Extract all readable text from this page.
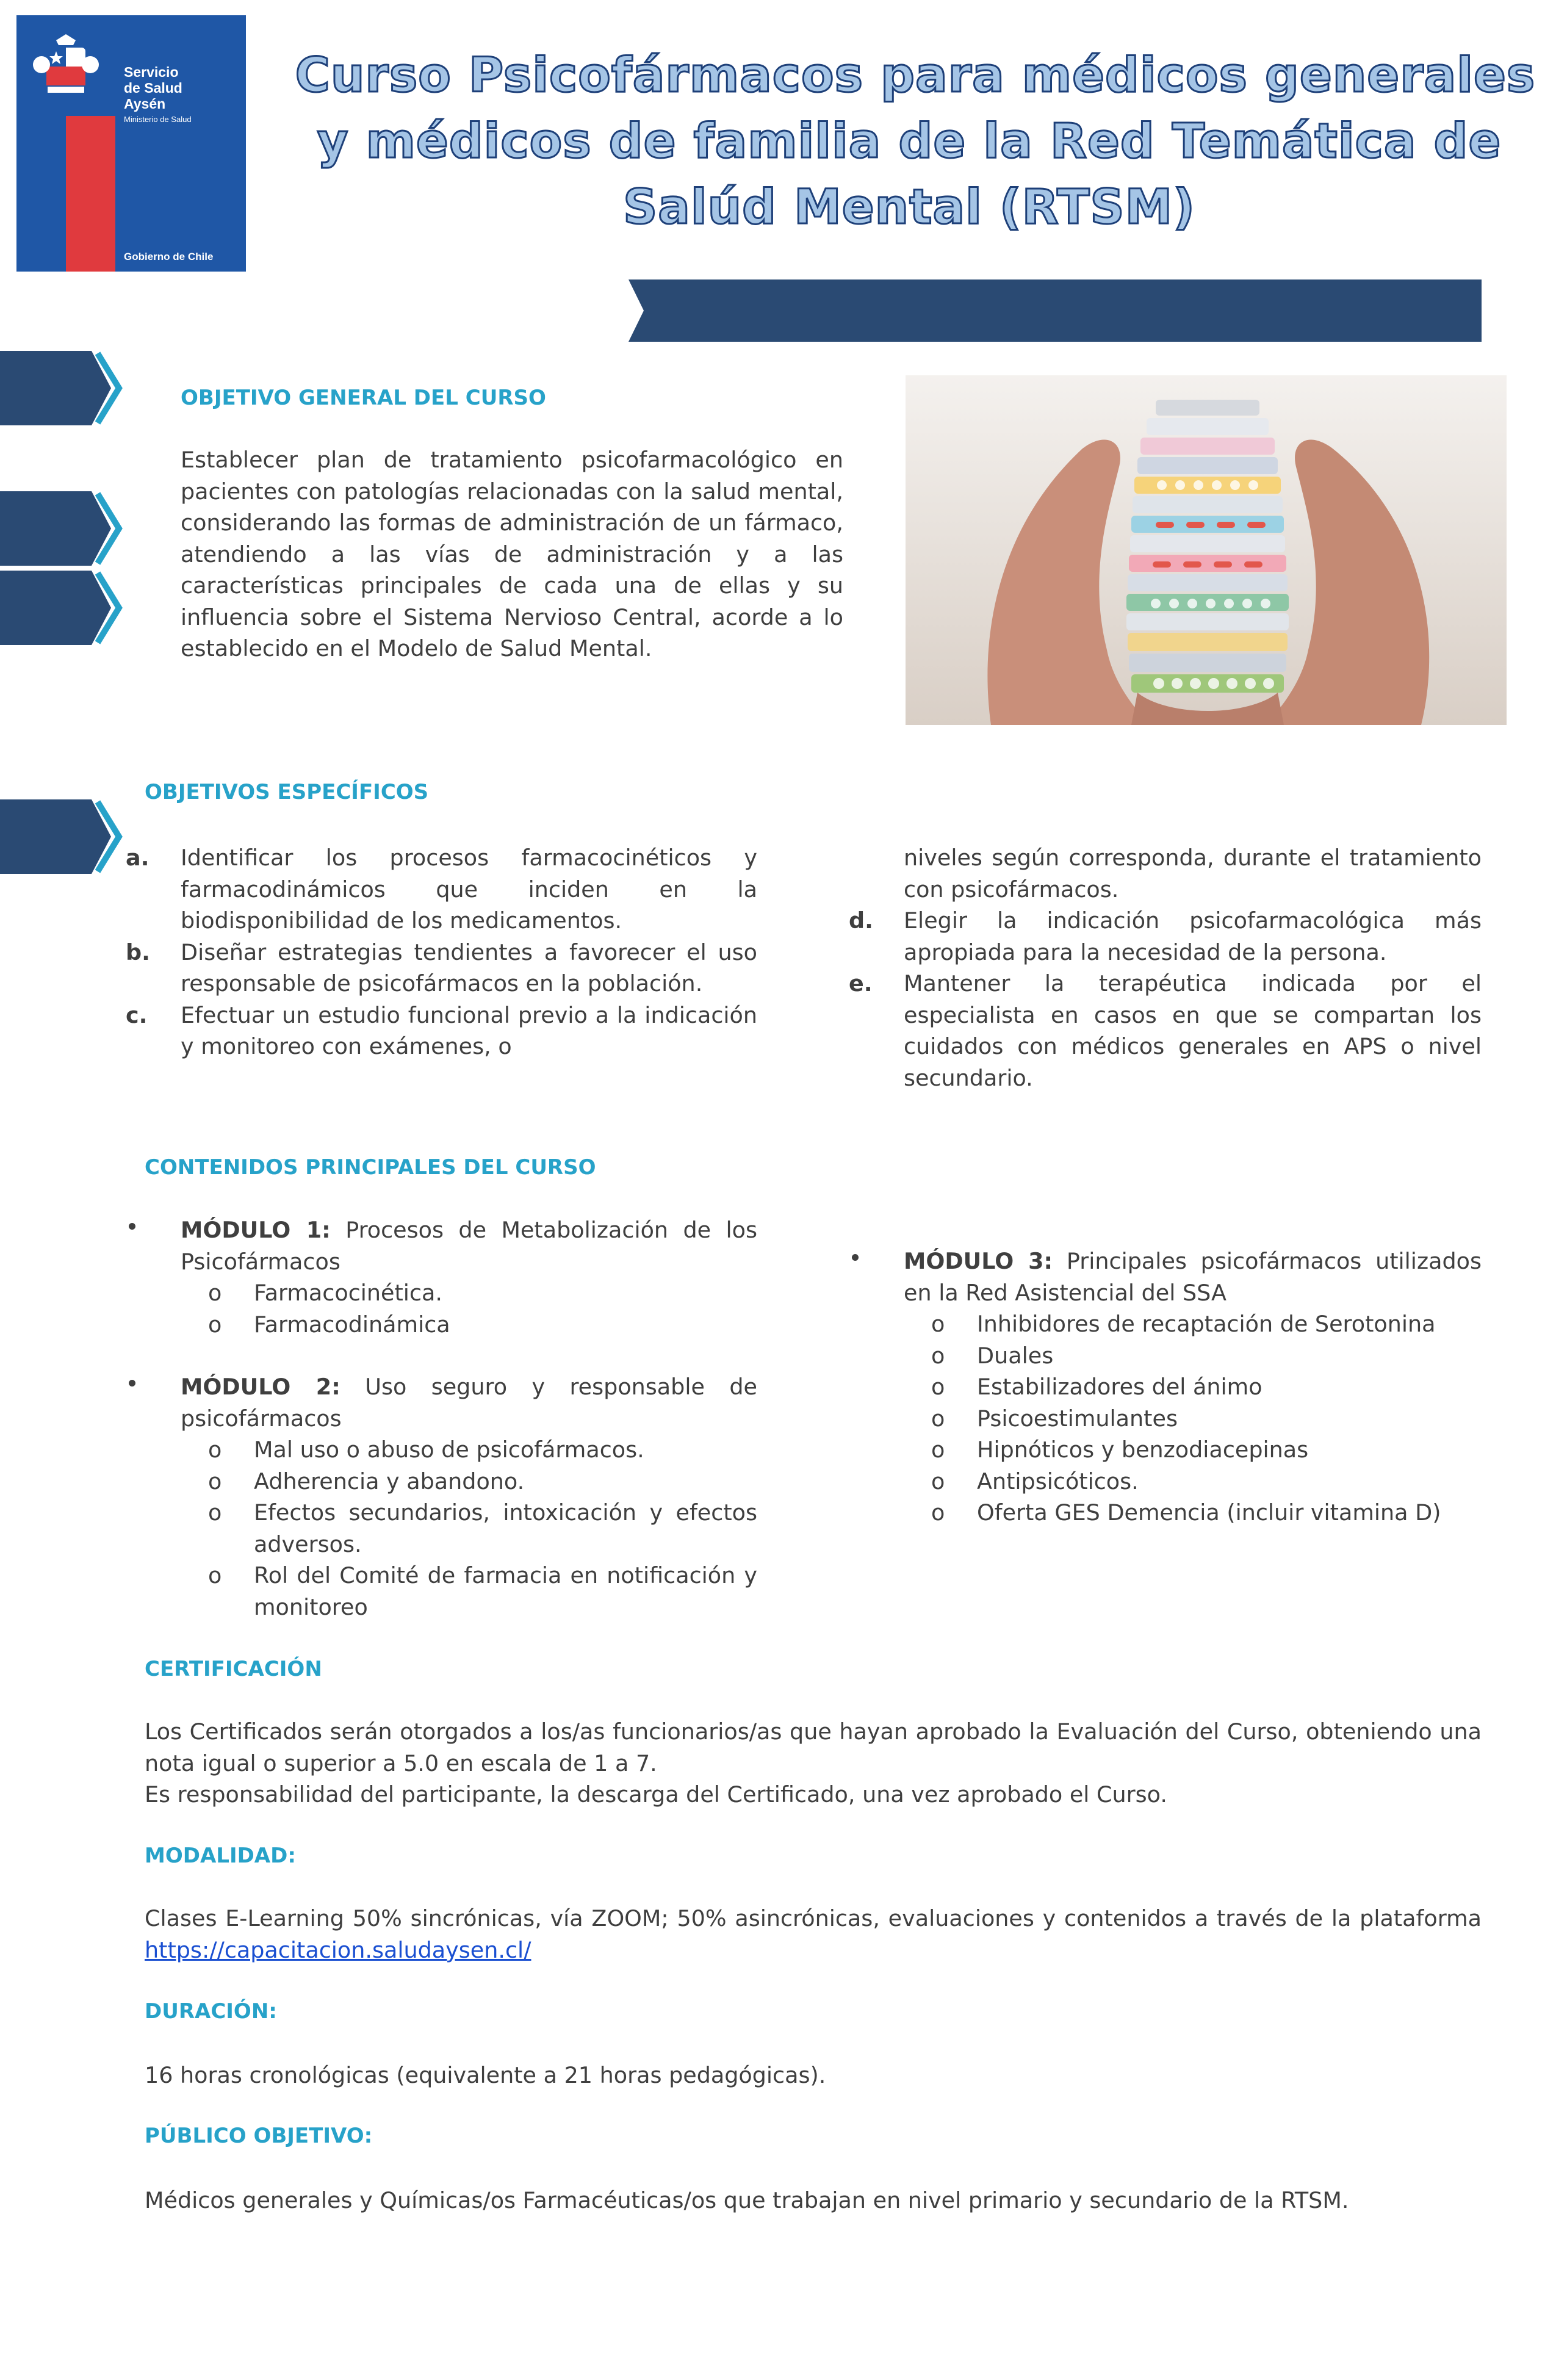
Servicio
de Salud
Aysén
Ministerio de Salud
Gobierno de Chile
Curso Psicofármacos para médicos generales
y médicos de familia de la Red Temática de
Salúd Mental (RTSM)
OBJETIVO GENERAL DEL CURSO
Establecer plan de tratamiento psicofarmacológico en pacientes con patologías relacionadas con la salud mental, considerando las formas de administración de un fármaco, atendiendo a las vías de administración y a las características principales de cada una de ellas y su influencia sobre el Sistema Nervioso Central, acorde a lo establecido en el Modelo de Salud Mental.
OBJETIVOS ESPECÍFICOS
a. Identificar los procesos farmacocinéticos y farmacodinámicos que inciden en la biodisponibilidad de los medicamentos.
b. Diseñar estrategias tendientes a favorecer el uso responsable de psicofármacos en la población.
c. Efectuar un estudio funcional previo a la indicación y monitoreo con exámenes, o
niveles según corresponda, durante el tratamiento con psicofármacos.
d. Elegir la indicación psicofarmacológica más apropiada para la necesidad de la persona.
e. Mantener la terapéutica indicada por el especialista en casos en que se compartan los cuidados con médicos generales en APS o nivel secundario.
CONTENIDOS PRINCIPALES DEL CURSO
MÓDULO 1: Procesos de Metabolización de los Psicofármacos
o Farmacocinética.
o Farmacodinámica
MÓDULO 2: Uso seguro y responsable de psicofármacos
o Mal uso o abuso de psicofármacos.
o Adherencia y abandono.
o Efectos secundarios, intoxicación y efectos adversos.
o Rol del Comité de farmacia en notificación y monitoreo
MÓDULO 3: Principales psicofármacos utilizados en la Red Asistencial del SSA
o Inhibidores de recaptación de Serotonina
o Duales
o Estabilizadores del ánimo
o Psicoestimulantes
o Hipnóticos y benzodiacepinas
o Antipsicóticos.
o Oferta GES Demencia (incluir vitamina D)
CERTIFICACIÓN
Los Certificados serán otorgados a los/as funcionarios/as que hayan aprobado la Evaluación del Curso, obteniendo una nota igual o superior a 5.0 en escala de 1 a 7.
Es responsabilidad del participante, la descarga del Certificado, una vez aprobado el Curso.
MODALIDAD:
Clases E-Learning 50% sincrónicas, vía ZOOM; 50% asincrónicas, evaluaciones y contenidos a través de la plataforma https://capacitacion.saludaysen.cl/
DURACIÓN:
16 horas cronológicas (equivalente a 21 horas pedagógicas).
PÚBLICO OBJETIVO:
Médicos generales y Químicas/os Farmacéuticas/os que trabajan en nivel primario y secundario de la RTSM.
